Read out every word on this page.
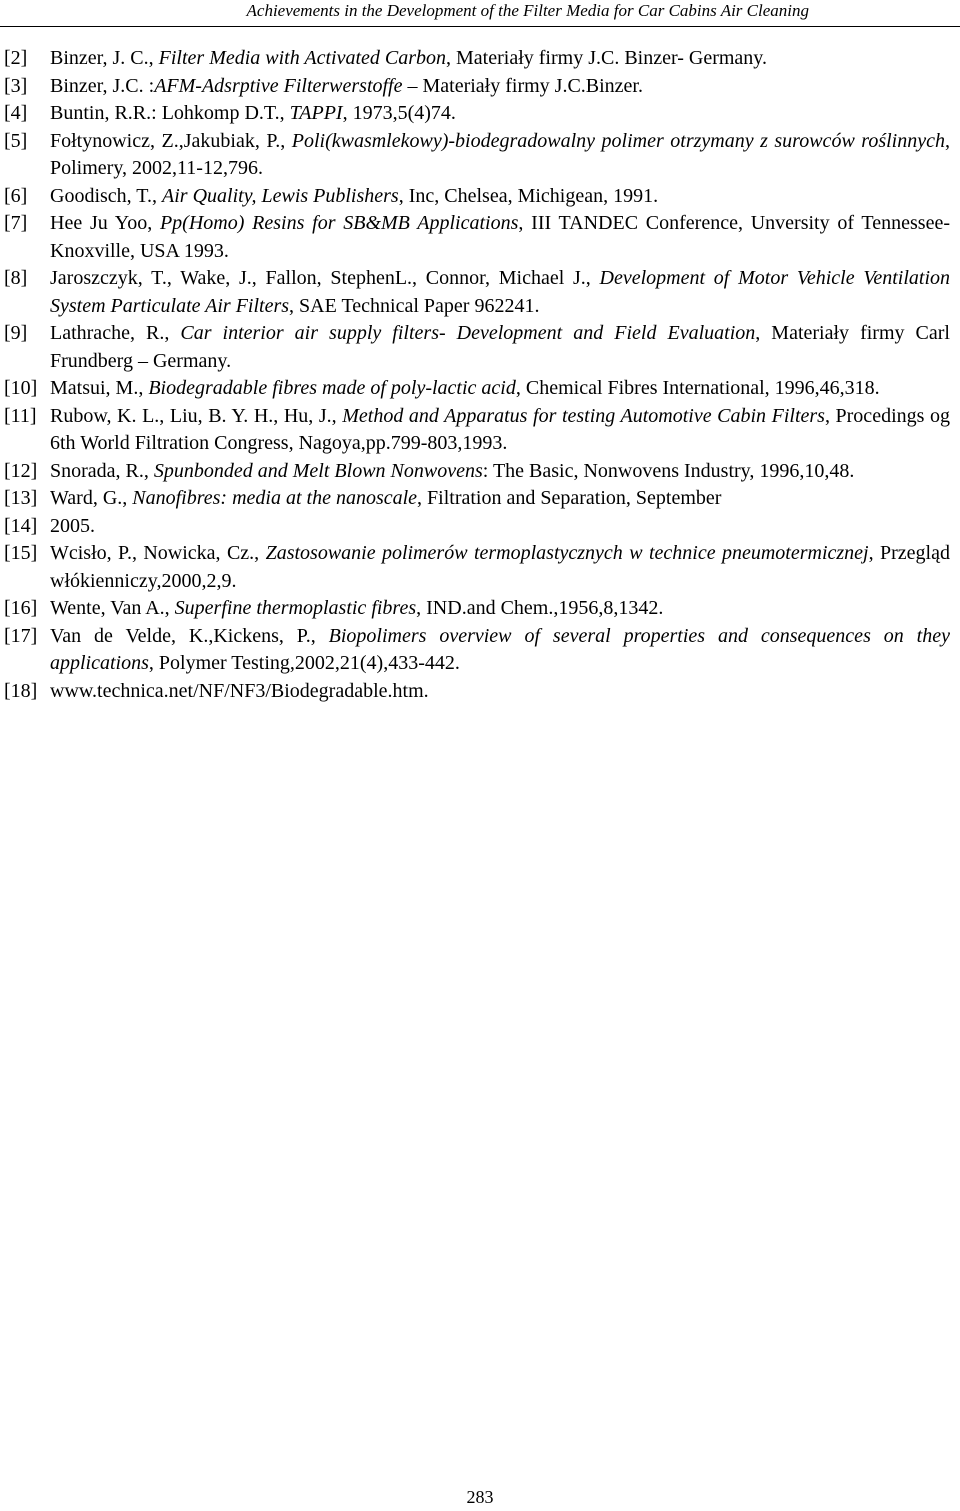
Achievements in the Development of the Filter Media for Car Cabins Air Cleaning
[2] Binzer, J. C., Filter Media with Activated Carbon, Materiały firmy J.C. Binzer- Germany.
[3] Binzer, J.C. :AFM-Adsrptive Filterwerstoffe – Materiały firmy J.C.Binzer.
[4] Buntin, R.R.: Lohkomp D.T., TAPPI, 1973,5(4)74.
[5] Fołtynowicz, Z.,Jakubiak, P., Poli(kwasmlekowy)-biodegradowalny polimer otrzymany z surowców roślinnych, Polimery, 2002,11-12,796.
[6] Goodisch, T., Air Quality, Lewis Publishers, Inc, Chelsea, Michigean, 1991.
[7] Hee Ju Yoo, Pp(Homo) Resins for SB&MB Applications, III TANDEC Conference, Unversity of Tennessee-Knoxville, USA 1993.
[8] Jaroszczyk, T., Wake, J., Fallon, StephenL., Connor, Michael J., Development of Motor Vehicle Ventilation System Particulate Air Filters, SAE Technical Paper 962241.
[9] Lathrache, R., Car interior air supply filters- Development and Field Evaluation, Materiały firmy Carl Frundberg – Germany.
[10] Matsui, M., Biodegradable fibres made of poly-lactic acid, Chemical Fibres International, 1996,46,318.
[11] Rubow, K. L., Liu, B. Y. H., Hu, J., Method and Apparatus for testing Automotive Cabin Filters, Procedings og 6th World Filtration Congress, Nagoya,pp.799-803,1993.
[12] Snorada, R., Spunbonded and Melt Blown Nonwovens: The Basic, Nonwovens Industry, 1996,10,48.
[13] Ward, G., Nanofibres: media at the nanoscale, Filtration and Separation, September
[14] 2005.
[15] Wcisło, P., Nowicka, Cz., Zastosowanie polimerów termoplastycznych w technice pneumotermicznej, Przegląd włókienniczy,2000,2,9.
[16] Wente, Van A., Superfine thermoplastic fibres, IND.and Chem.,1956,8,1342.
[17] Van de Velde, K.,Kickens, P., Biopolimers overview of several properties and consequences on they applications, Polymer Testing,2002,21(4),433-442.
[18] www.technica.net/NF/NF3/Biodegradable.htm.
283
